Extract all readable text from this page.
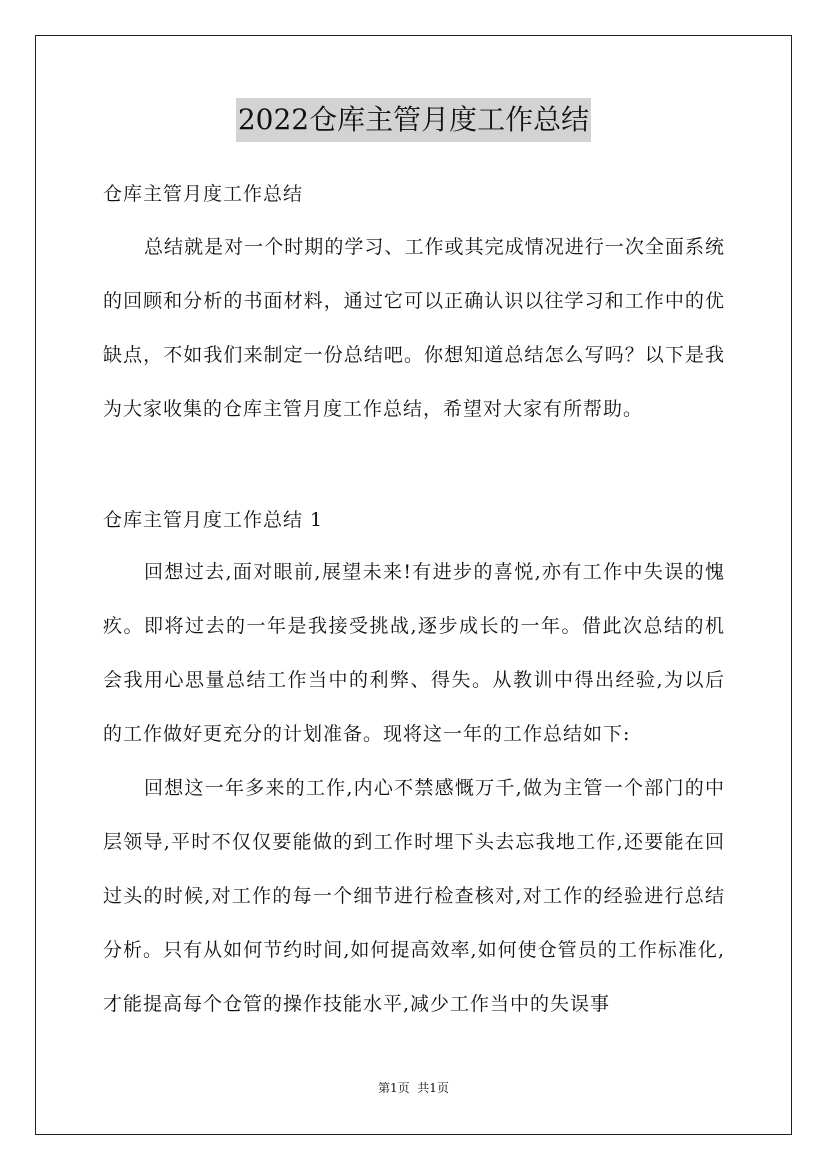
2022仓库主管月度工作总结
仓库主管月度工作总结

总结就是对一个时期的学习、工作或其完成情况进行一次全面系统的回顾和分析的书面材料，通过它可以正确认识以往学习和工作中的优缺点，不如我们来制定一份总结吧。你想知道总结怎么写吗？以下是我为大家收集的仓库主管月度工作总结，希望对大家有所帮助。

仓库主管月度工作总结 1

回想过去,面对眼前,展望未来!有进步的喜悦,亦有工作中失误的愧疚。即将过去的一年是我接受挑战,逐步成长的一年。借此次总结的机会我用心思量总结工作当中的利弊、得失。从教训中得出经验,为以后的工作做好更充分的计划准备。现将这一年的工作总结如下:

回想这一年多来的工作,内心不禁感慨万千,做为主管一个部门的中层领导,平时不仅仅要能做的到工作时埋下头去忘我地工作,还要能在回过头的时候,对工作的每一个细节进行检查核对,对工作的经验进行总结分析。只有从如何节约时间,如何提高效率,如何使仓管员的工作标准化,才能提高每个仓管的操作技能水平,减少工作当中的失误事

第1页  共1页
